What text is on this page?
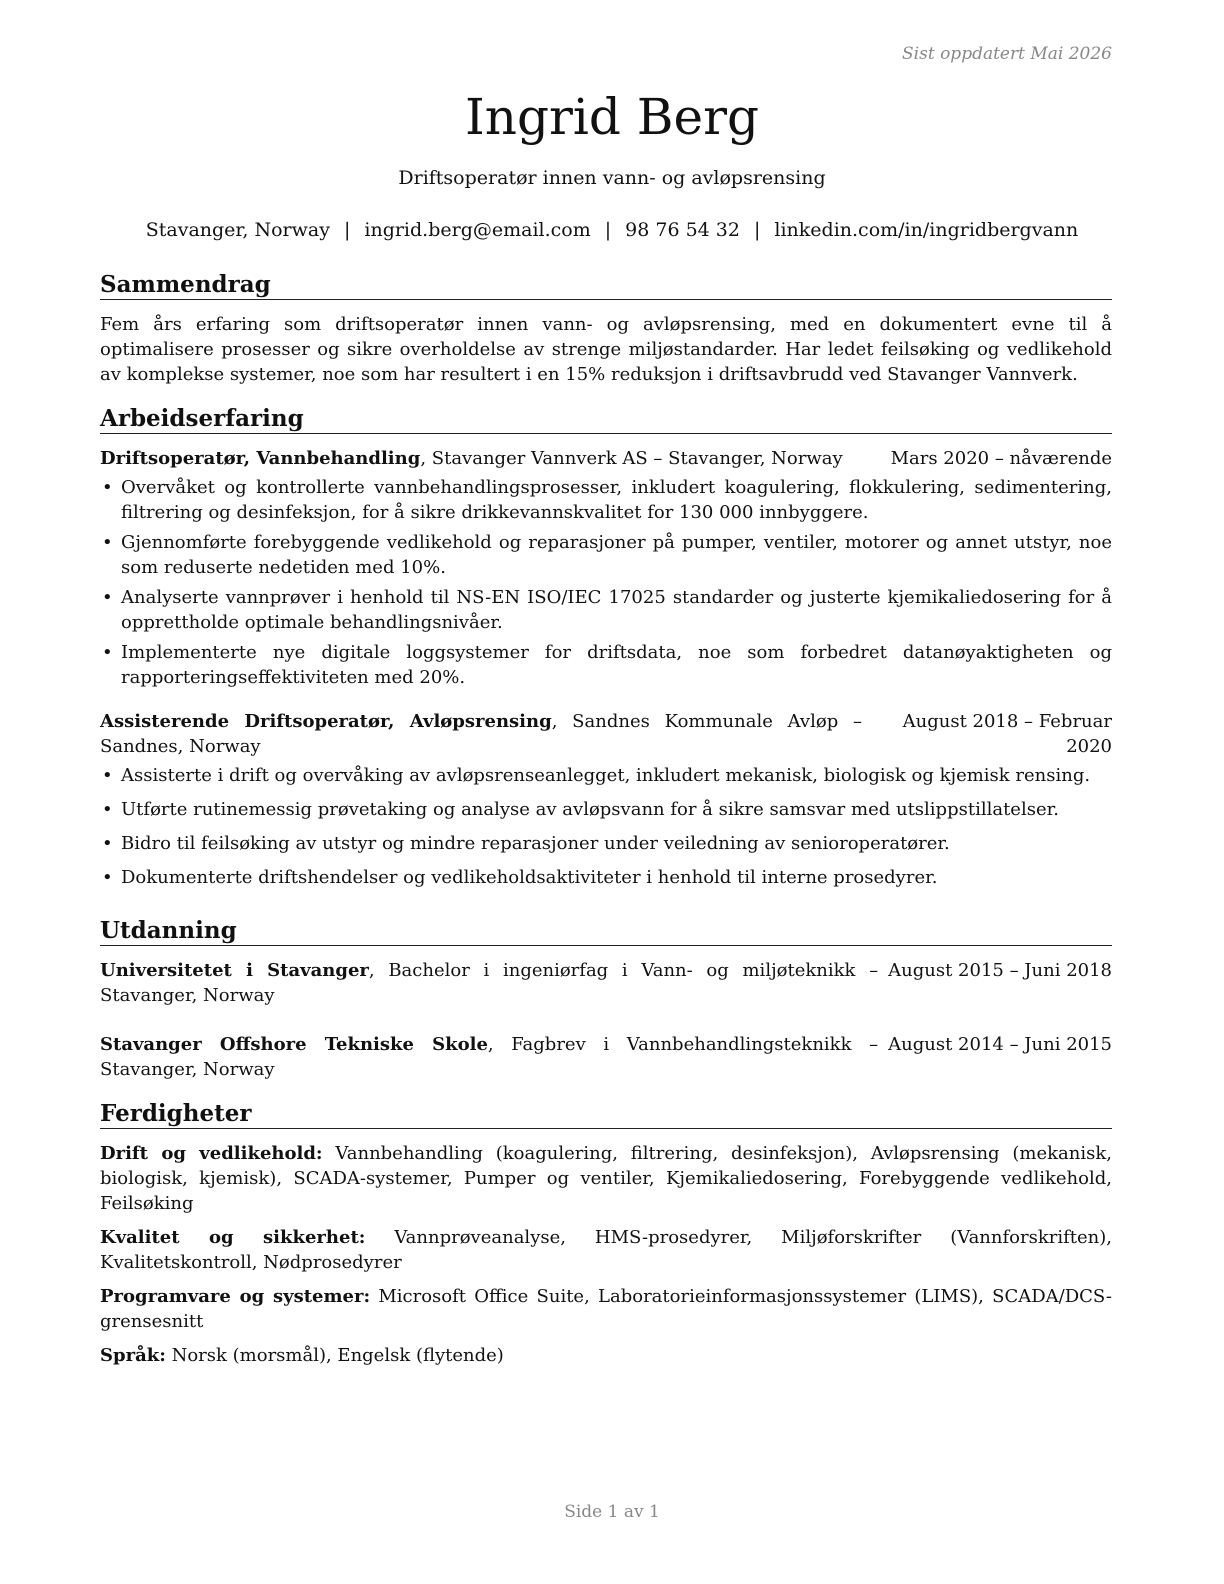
Sist oppdatert Mai 2026
Ingrid Berg
Driftsoperatør innen vann- og avløpsrensing
Stavanger, Norway | ingrid.berg@email.com | 98 76 54 32 | linkedin.com/in/ingridbergvann
Sammendrag

Fem års erfaring som driftsoperatør innen vann- og avløpsrensing, med en dokumentert evne til å optimalisere prosesser og sikre overholdelse av strenge miljøstandarder. Har ledet feilsøking og vedlikehold av komplekse systemer, noe som har resultert i en 15% reduksjon i driftsavbrudd ved Stavanger Vannverk.

Arbeidserfaring
Driftsoperatør, Vannbehandling, Stavanger Vannverk AS – Stavanger, Norway	Mars 2020 – nåværende
• Overvåket og kontrollerte vannbehandlingsprosesser, inkludert koagulering, flokkulering, sedimentering, filtrering og desinfeksjon, for å sikre drikkevannskvalitet for 130 000 innbyggere.
• Gjennomførte forebyggende vedlikehold og reparasjoner på pumper, ventiler, motorer og annet utstyr, noe som reduserte nedetiden med 10%.
• Analyserte vannprøver i henhold til NS-EN ISO/IEC 17025 standarder og justerte kjemikaliedosering for å opprettholde optimale behandlingsnivåer.
• Implementerte nye digitale loggsystemer for driftsdata, noe som forbedret datanøyaktigheten og rapporteringseffektiviteten med 20%.
Assisterende Driftsoperatør, Avløpsrensing, Sandnes Kommunale Avløp – Sandnes, Norway
August 2018 – Februar 2020
• Assisterte i drift og overvåking av avløpsrenseanlegget, inkludert mekanisk, biologisk og kjemisk rensing.
• Utførte rutinemessig prøvetaking og analyse av avløpsvann for å sikre samsvar med utslippstillatelser.
• Bidro til feilsøking av utstyr og mindre reparasjoner under veiledning av senioroperatører.
• Dokumenterte driftshendelser og vedlikeholdsaktiviteter i henhold til interne prosedyrer.
Utdanning
Universitetet i Stavanger, Bachelor i ingeniørfag i Vann- og miljøteknikk – Stavanger, Norway
August 2015 – Juni 2018
Stavanger Offshore Tekniske Skole, Fagbrev i Vannbehandlingsteknikk – Stavanger, Norway
August 2014 – Juni 2015
Ferdigheter

Drift og vedlikehold: Vannbehandling (koagulering, filtrering, desinfeksjon), Avløpsrensing (mekanisk, biologisk, kjemisk), SCADA-systemer, Pumper og ventiler, Kjemikaliedosering, Forebyggende vedlikehold, Feilsøking

Kvalitet og sikkerhet: Vannprøveanalyse, HMS-prosedyrer, Miljøforskrifter (Vannforskriften), Kvalitetskontroll, Nødprosedyrer

Programvare og systemer: Microsoft Office Suite, Laboratorieinformasjonssystemer (LIMS), SCADA/DCS-grensesnitt

Språk: Norsk (morsmål), Engelsk (flytende)

Side 1 av 1
